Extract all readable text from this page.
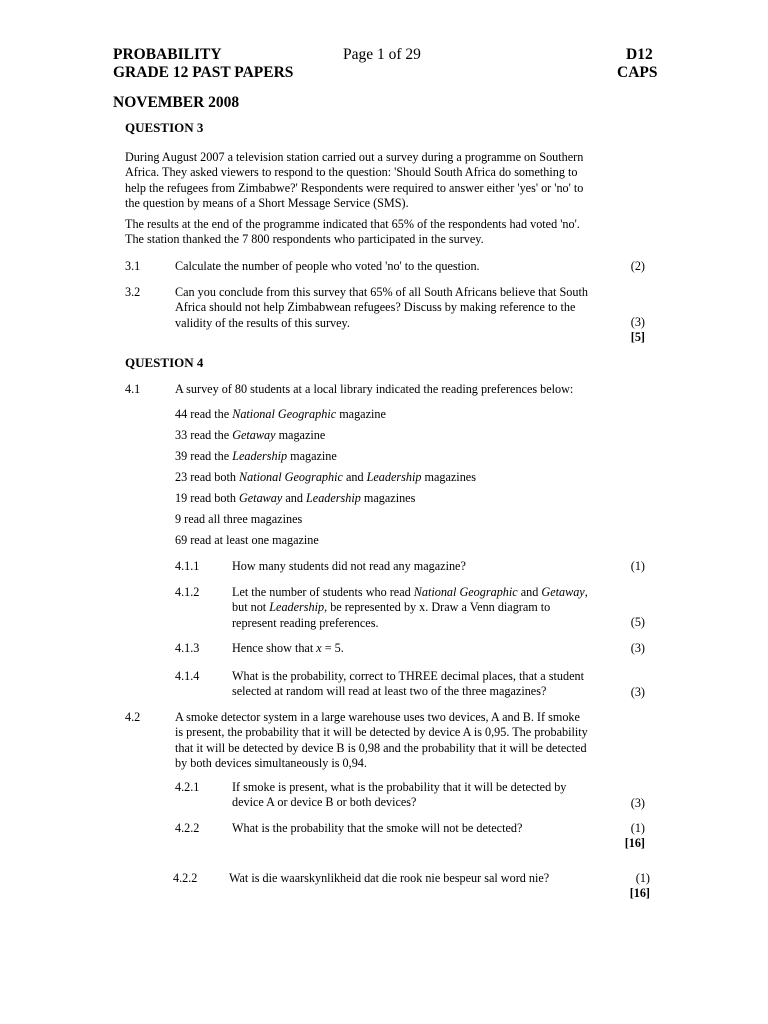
PROBABILITY	Page 1 of 29	D12
GRADE 12 PAST PAPERS	CAPS
NOVEMBER 2008
QUESTION 3
During August 2007 a television station carried out a survey during a programme on Southern
Africa. They asked viewers to respond to the question: 'Should South Africa do something to
help the refugees from Zimbabwe?' Respondents were required to answer either 'yes' or 'no' to
the question by means of a Short Message Service (SMS).
The results at the end of the programme indicated that 65% of the respondents had voted 'no'.
The station thanked the 7 800 respondents who participated in the survey.
3.1	Calculate the number of people who voted 'no' to the question.	(2)
3.2	Can you conclude from this survey that 65% of all South Africans believe that South
Africa should not help Zimbabwean refugees? Discuss by making reference to the
validity of the results of this survey.	(3)
[5]
QUESTION 4
4.1	A survey of 80 students at a local library indicated the reading preferences below:
44 read the National Geographic magazine
33 read the Getaway magazine
39 read the Leadership magazine
23 read both National Geographic and Leadership magazines
19 read both Getaway and Leadership magazines
9 read all three magazines
69 read at least one magazine
4.1.1	How many students did not read any magazine?	(1)
4.1.2	Let the number of students who read National Geographic and Getaway,
but not Leadership, be represented by x. Draw a Venn diagram to
represent reading preferences.	(5)
4.1.3	Hence show that x = 5.	(3)
4.1.4	What is the probability, correct to THREE decimal places, that a student
selected at random will read at least two of the three magazines?	(3)
4.2	A smoke detector system in a large warehouse uses two devices, A and B. If smoke
is present, the probability that it will be detected by device A is 0,95. The probability
that it will be detected by device B is 0,98 and the probability that it will be detected
by both devices simultaneously is 0,94.
4.2.1	If smoke is present, what is the probability that it will be detected by
device A or device B or both devices?	(3)
4.2.2	What is the probability that the smoke will not be detected?	(1)
[16]
4.2.2	Wat is die waarskynlikheid dat die rook nie bespeur sal word nie?	(1)
[16]
